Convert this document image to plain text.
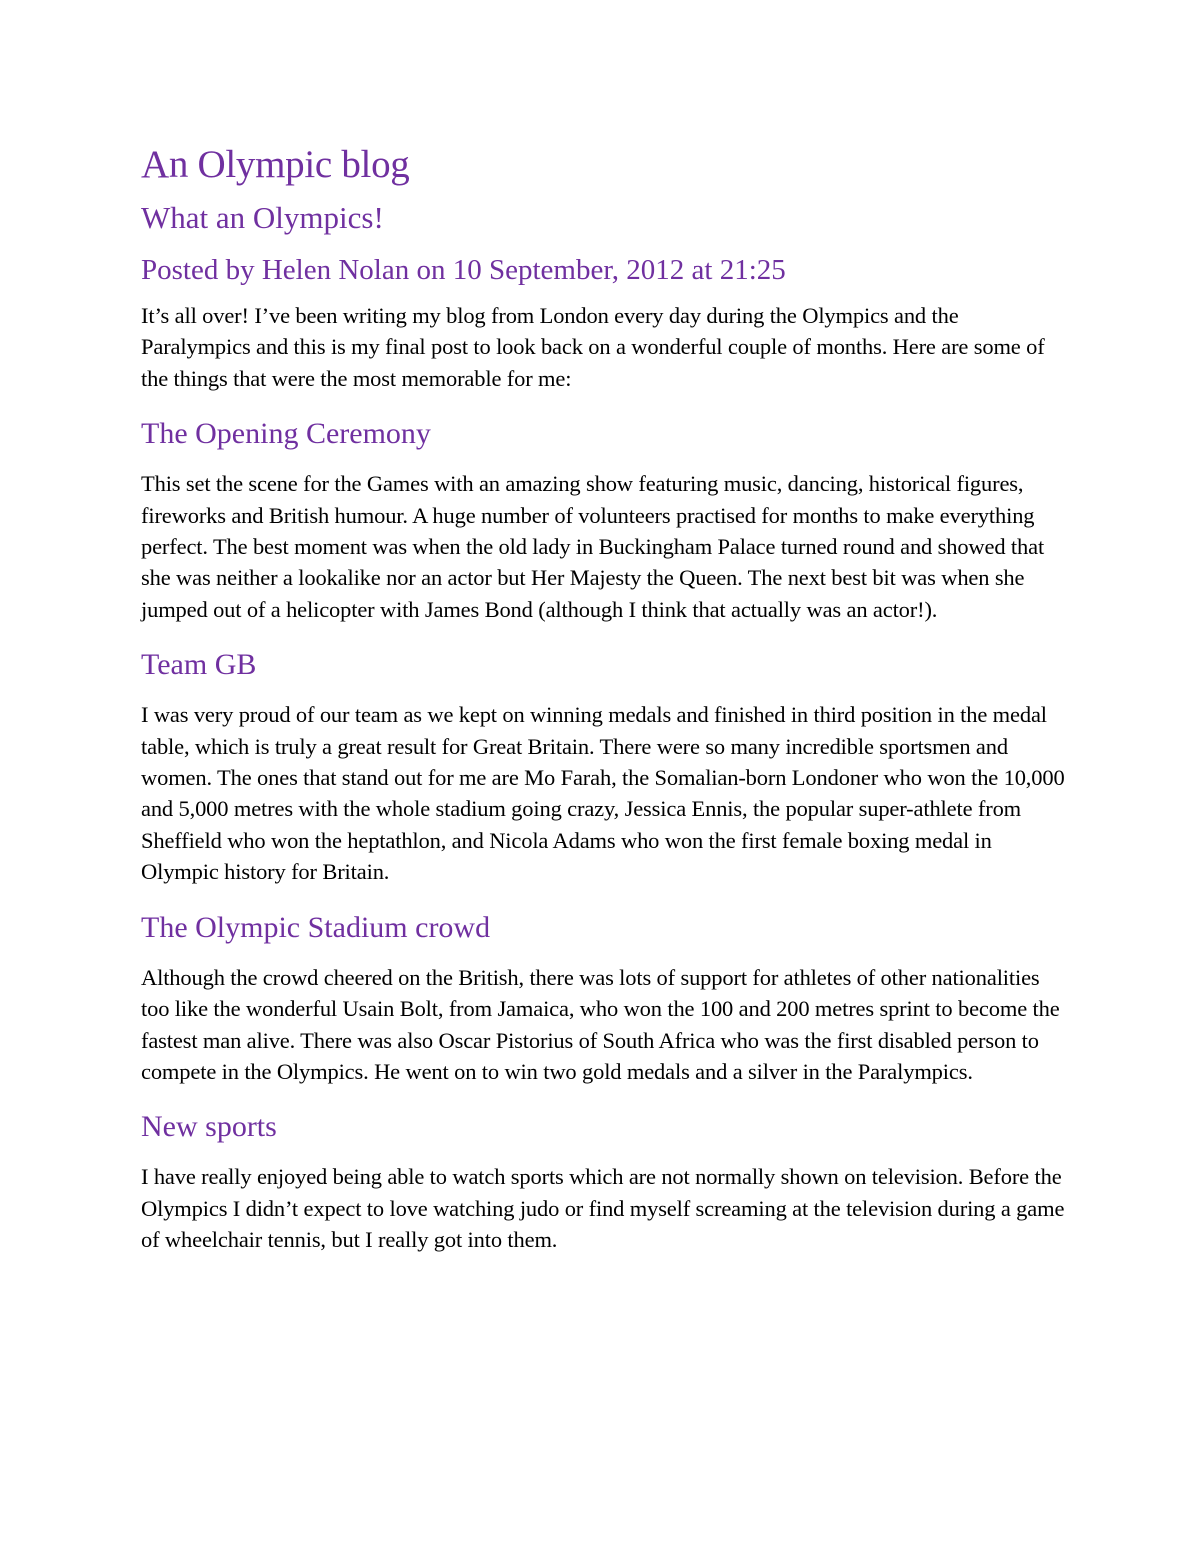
An Olympic blog
What an Olympics!
Posted by Helen Nolan on 10 September, 2012 at 21:25

It’s all over! I’ve been writing my blog from London every day during the Olympics and the Paralympics and this is my final post to look back on a wonderful couple of months. Here are some of the things that were the most memorable for me:

The Opening Ceremony

This set the scene for the Games with an amazing show featuring music, dancing, historical figures, fireworks and British humour. A huge number of volunteers practised for months to make everything perfect. The best moment was when the old lady in Buckingham Palace turned round and showed that she was neither a lookalike nor an actor but Her Majesty the Queen. The next best bit was when she jumped out of a helicopter with James Bond (although I think that actually was an actor!).

Team GB

I was very proud of our team as we kept on winning medals and finished in third position in the medal table, which is truly a great result for Great Britain. There were so many incredible sportsmen and women. The ones that stand out for me are Mo Farah, the Somalian-born Londoner who won the 10,000 and 5,000 metres with the whole stadium going crazy, Jessica Ennis, the popular super-athlete from Sheffield who won the heptathlon, and Nicola Adams who won the first female boxing medal in Olympic history for Britain.

The Olympic Stadium crowd

Although the crowd cheered on the British, there was lots of support for athletes of other nationalities too like the wonderful Usain Bolt, from Jamaica, who won the 100 and 200 metres sprint to become the fastest man alive. There was also Oscar Pistorius of South Africa who was the first disabled person to compete in the Olympics. He went on to win two gold medals and a silver in the Paralympics.

New sports

I have really enjoyed being able to watch sports which are not normally shown on television. Before the Olympics I didn’t expect to love watching judo or find myself screaming at the television during a game of wheelchair tennis, but I really got into them.
